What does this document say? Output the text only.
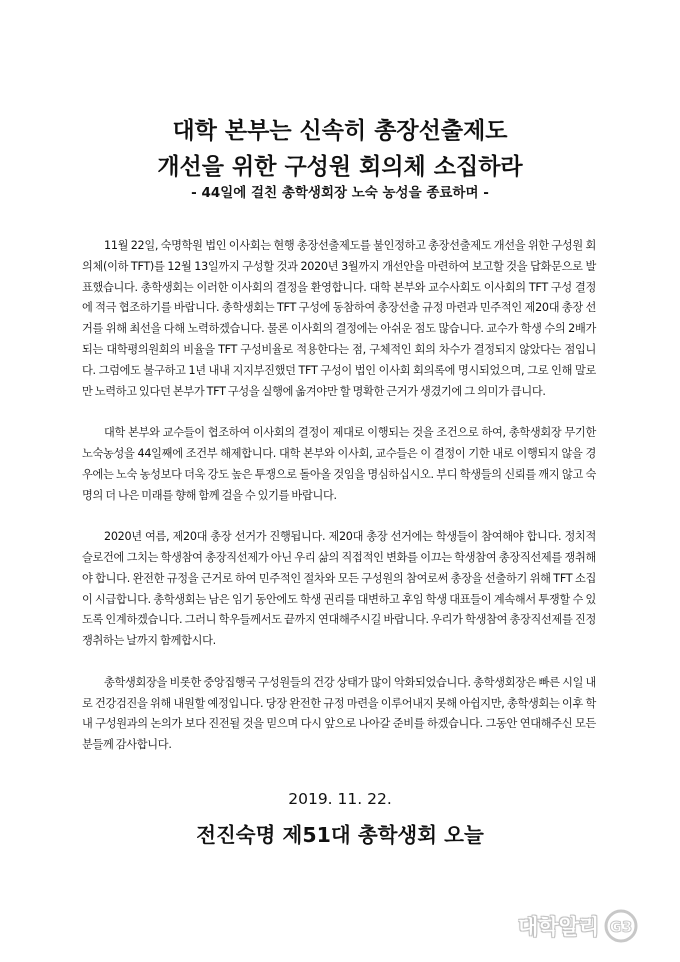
대학 본부는 신속히 총장선출제도
개선을 위한 구성원 회의체 소집하라
- 44일에 걸친 총학생회장 노숙 농성을 종료하며 -

11월 22일, 숙명학원 법인 이사회는 현행 총장선출제도를 불인정하고 총장선출제도 개선을 위한 구성원 회의체(이하 TFT)를 12월 13일까지 구성할 것과 2020년 3월까지 개선안을 마련하여 보고할 것을 답화문으로 발표했습니다. 총학생회는 이러한 이사회의 결정을 환영합니다. 대학 본부와 교수사회도 이사회의 TFT 구성 결정에 적극 협조하기를 바랍니다. 총학생회는 TFT 구성에 동참하여 총장선출 규정 마련과 민주적인 제20대 총장 선거를 위해 최선을 다해 노력하겠습니다. 물론 이사회의 결정에는 아쉬운 점도 많습니다. 교수가 학생 수의 2배가 되는 대학평의원회의 비율을 TFT 구성비율로 적용한다는 점, 구체적인 회의 차수가 결정되지 않았다는 점입니다. 그럼에도 불구하고 1년 내내 지지부진했던 TFT 구성이 법인 이사회 회의록에 명시되었으며, 그로 인해 말로만 노력하고 있다던 본부가 TFT 구성을 실행에 옮겨야만 할 명확한 근거가 생겼기에 그 의미가 큽니다.

대학 본부와 교수들이 협조하여 이사회의 결정이 제대로 이행되는 것을 조건으로 하여, 총학생회장 무기한 노숙농성을 44일째에 조건부 해제합니다. 대학 본부와 이사회, 교수들은 이 결정이 기한 내로 이행되지 않을 경우에는 노숙 농성보다 더욱 강도 높은 투쟁으로 돌아올 것임을 명심하십시오. 부디 학생들의 신뢰를 깨지 않고 숙명의 더 나은 미래를 향해 함께 걸을 수 있기를 바랍니다.

2020년 여름, 제20대 총장 선거가 진행됩니다. 제20대 총장 선거에는 학생들이 참여해야 합니다. 정치적 슬로건에 그치는 학생참여 총장직선제가 아닌 우리 삶의 직접적인 변화를 이끄는 학생참여 총장직선제를 쟁취해야 합니다. 완전한 규정을 근거로 하여 민주적인 절차와 모든 구성원의 참여로써 총장을 선출하기 위해 TFT 소집이 시급합니다. 총학생회는 남은 임기 동안에도 학생 권리를 대변하고 후임 학생 대표들이 계속해서 투쟁할 수 있도록 인계하겠습니다. 그러니 학우들께서도 끝까지 연대해주시길 바랍니다. 우리가 학생참여 총장직선제를 진정 쟁취하는 날까지 함께합시다.

총학생회장을 비롯한 중앙집행국 구성원들의 건강 상태가 많이 악화되었습니다. 총학생회장은 빠른 시일 내로 건강검진을 위해 내원할 예정입니다. 당장 완전한 규정 마련을 이루어내지 못해 아쉽지만, 총학생회는 이후 학내 구성원과의 논의가 보다 진전될 것을 믿으며 다시 앞으로 나아갈 준비를 하겠습니다. 그동안 연대해주신 모든 분들께 감사합니다.

2019. 11. 22.
전진숙명 제51대 총학생회 오늘
대학알리 G3
